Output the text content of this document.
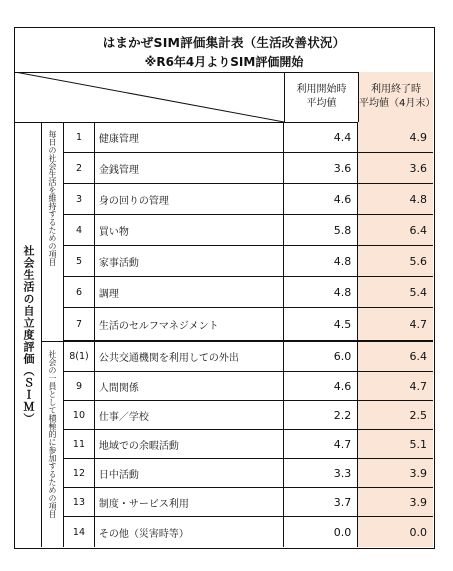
はまかぜSIM評価集計表（生活改善状況）
※R6年4月よりSIM評価開始
利用開始時
平均値
利用終了時
平均値（4月末）
社会生活の自立度評価（ＳＩＭ）
毎日の社会生活を維持するための項目
社会の一員として積極的に参加するための項目
1	健康管理	4.4	4.9
2	金銭管理	3.6	3.6
3	身の回りの管理	4.6	4.8
4	買い物	5.8	6.4
5	家事活動	4.8	5.6
6	調理	4.8	5.4
7	生活のセルフマネジメント	4.5	4.7
8(1)	公共交通機関を利用しての外出	6.0	6.4
9	人間関係	4.6	4.7
10	仕事／学校	2.2	2.5
11	地域での余暇活動	4.7	5.1
12	日中活動	3.3	3.9
13	制度・サービス利用	3.7	3.9
14	その他（災害時等）	0.0	0.0
